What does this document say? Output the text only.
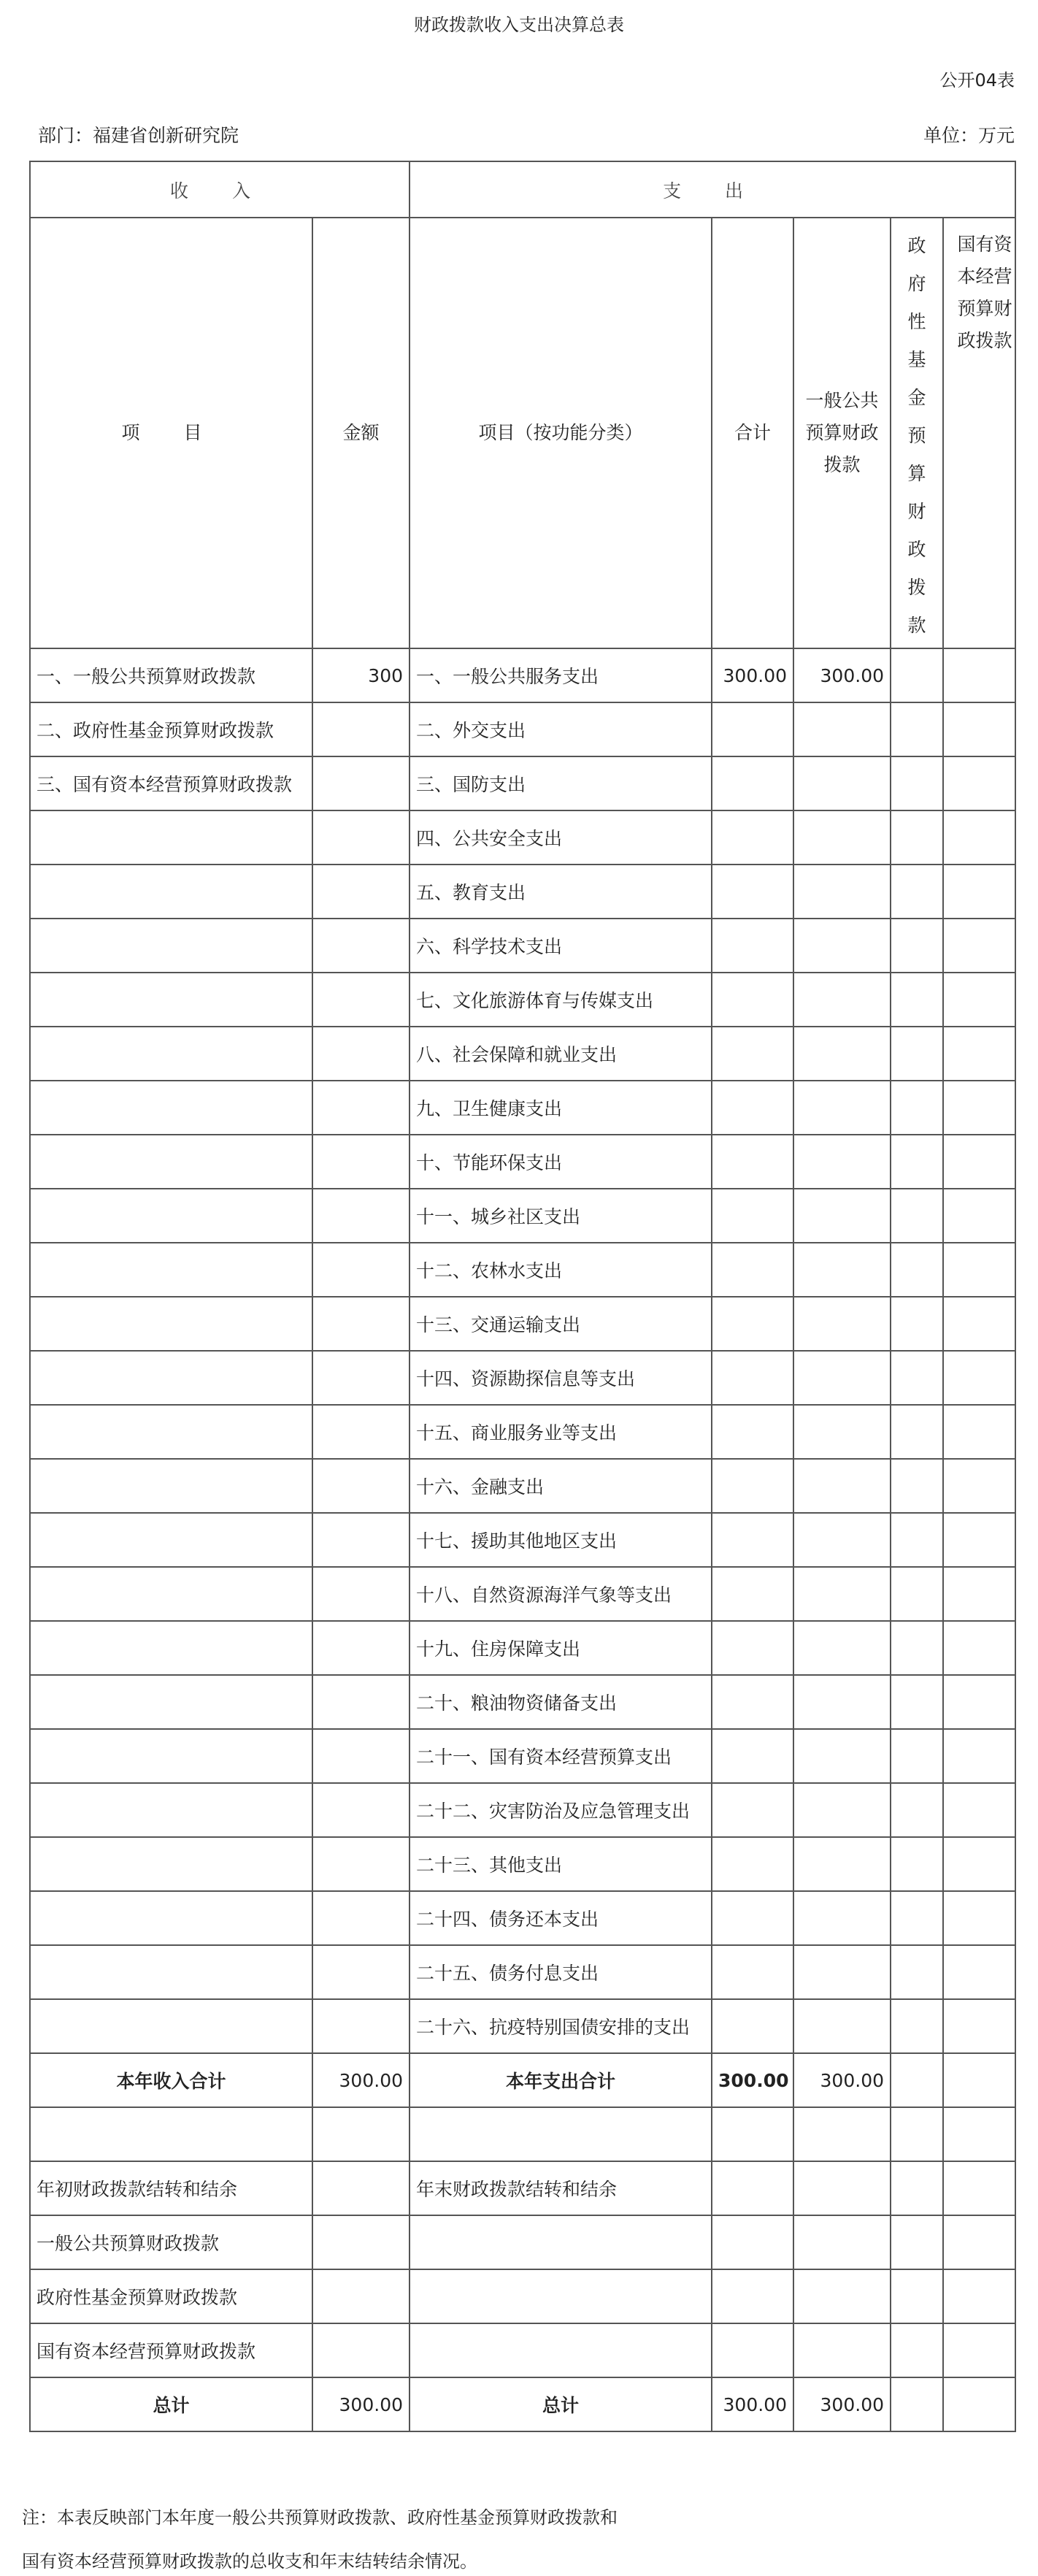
财政拨款收入支出决算总表
公开04表
部门：福建省创新研究院	单位：万元
收 入		支 出				
项 目	金额	项目（按功能分类）	合计	一般公共预算财政拨款	政府性基金预算财政拨款	国有资本经营预算财政拨款
一、一般公共预算财政拨款	300	一、一般公共服务支出	300.00	300.00		
二、政府性基金预算财政拨款		二、外交支出				
三、国有资本经营预算财政拨款		三、国防支出				
		四、公共安全支出				
		五、教育支出				
		六、科学技术支出				
		七、文化旅游体育与传媒支出				
		八、社会保障和就业支出				
		九、卫生健康支出				
		十、节能环保支出				
		十一、城乡社区支出				
		十二、农林水支出				
		十三、交通运输支出				
		十四、资源勘探信息等支出				
		十五、商业服务业等支出				
		十六、金融支出				
		十七、援助其他地区支出				
		十八、自然资源海洋气象等支出				
		十九、住房保障支出				
		二十、粮油物资储备支出				
		二十一、国有资本经营预算支出				
		二十二、灾害防治及应急管理支出				
		二十三、其他支出				
		二十四、债务还本支出				
		二十五、债务付息支出				
		二十六、抗疫特别国债安排的支出				
本年收入合计	300.00	本年支出合计	300.00	300.00		

年初财政拨款结转和结余		年末财政拨款结转和结余				
一般公共预算财政拨款						
政府性基金预算财政拨款						
国有资本经营预算财政拨款						
总计	300.00	总计	300.00	300.00		
注：本表反映部门本年度一般公共预算财政拨款、政府性基金预算财政拨款和
国有资本经营预算财政拨款的总收支和年末结转结余情况。
